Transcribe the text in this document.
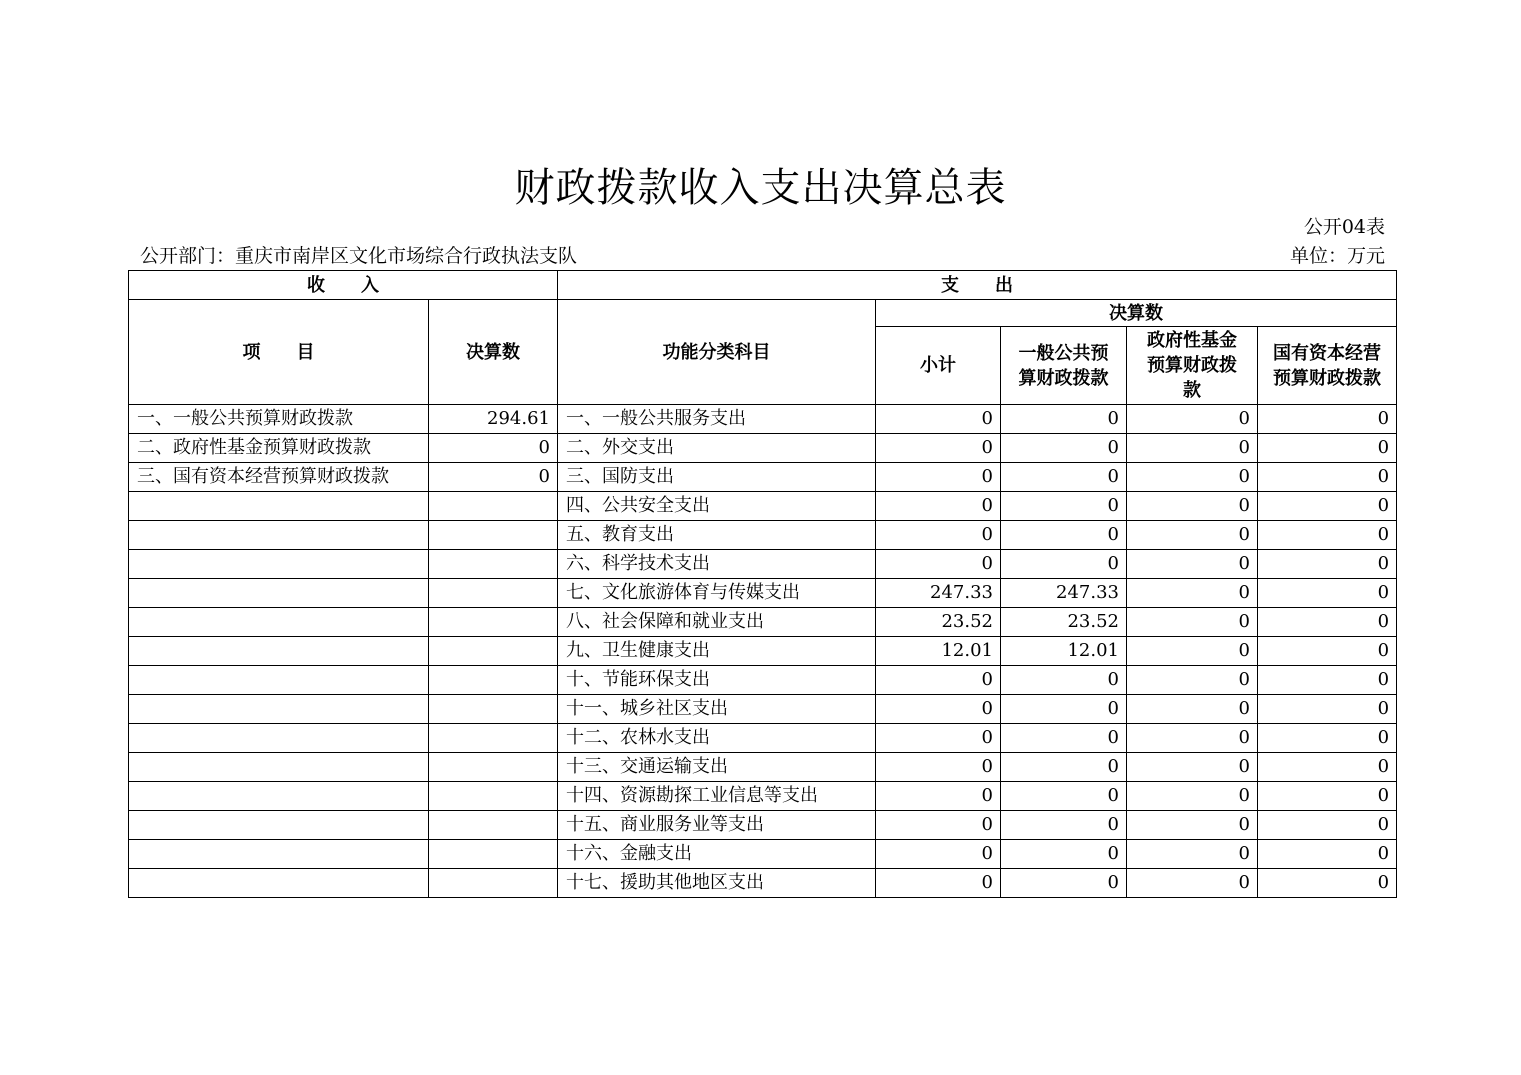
财政拨款收入支出决算总表
公开04表
公开部门：重庆市南岸区文化市场综合行政执法支队	单位：万元
收　　入		支　　出				
项　　目	决算数	功能分类科目	决算数			
			小计	一般公共预算财政拨款	政府性基金预算财政拨款	国有资本经营预算财政拨款
一、一般公共预算财政拨款	294.61	一、一般公共服务支出	0	0	0	0
二、政府性基金预算财政拨款	0	二、外交支出	0	0	0	0
三、国有资本经营预算财政拨款	0	三、国防支出	0	0	0	0
		四、公共安全支出	0	0	0	0
		五、教育支出	0	0	0	0
		六、科学技术支出	0	0	0	0
		七、文化旅游体育与传媒支出	247.33	247.33	0	0
		八、社会保障和就业支出	23.52	23.52	0	0
		九、卫生健康支出	12.01	12.01	0	0
		十、节能环保支出	0	0	0	0
		十一、城乡社区支出	0	0	0	0
		十二、农林水支出	0	0	0	0
		十三、交通运输支出	0	0	0	0
		十四、资源勘探工业信息等支出	0	0	0	0
		十五、商业服务业等支出	0	0	0	0
		十六、金融支出	0	0	0	0
		十七、援助其他地区支出	0	0	0	0
